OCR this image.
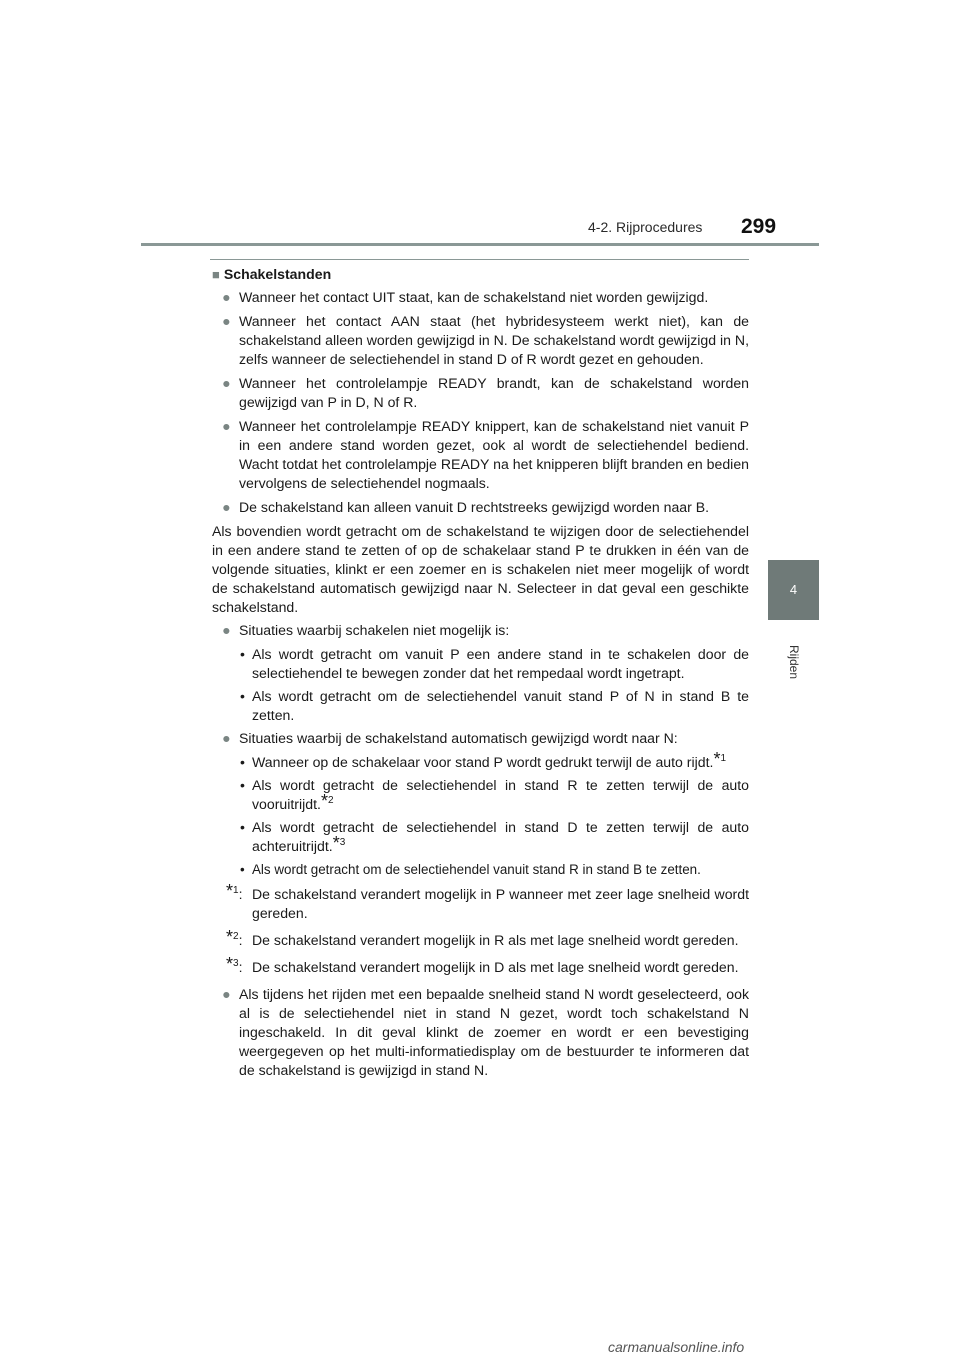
4-2. Rijprocedures 299
4
Rijden
■ Schakelstanden
● Wanneer het contact UIT staat, kan de schakelstand niet worden gewijzigd.
● Wanneer het contact AAN staat (het hybridesysteem werkt niet), kan de schakelstand alleen worden gewijzigd in N. De schakelstand wordt gewijzigd in N, zelfs wanneer de selectiehendel in stand D of R wordt gezet en gehouden.
● Wanneer het controlelampje READY brandt, kan de schakelstand worden gewijzigd van P in D, N of R.
● Wanneer het controlelampje READY knippert, kan de schakelstand niet vanuit P in een andere stand worden gezet, ook al wordt de selectiehendel bediend. Wacht totdat het controlelampje READY na het knipperen blijft branden en bedien vervolgens de selectiehendel nogmaals.
● De schakelstand kan alleen vanuit D rechtstreeks gewijzigd worden naar B.
Als bovendien wordt getracht om de schakelstand te wijzigen door de selectiehendel in een andere stand te zetten of op de schakelaar stand P te drukken in één van de volgende situaties, klinkt er een zoemer en is schakelen niet meer mogelijk of wordt de schakelstand automatisch gewijzigd naar N. Selecteer in dat geval een geschikte schakelstand.
● Situaties waarbij schakelen niet mogelijk is:
• Als wordt getracht om vanuit P een andere stand in te schakelen door de selectiehendel te bewegen zonder dat het rempedaal wordt ingetrapt.
• Als wordt getracht om de selectiehendel vanuit stand P of N in stand B te zetten.
● Situaties waarbij de schakelstand automatisch gewijzigd wordt naar N:
• Wanneer op de schakelaar voor stand P wordt gedrukt terwijl de auto rijdt.*$^1$
• Als wordt getracht de selectiehendel in stand R te zetten terwijl de auto vooruitrijdt.*$^2$
• Als wordt getracht de selectiehendel in stand D te zetten terwijl de auto achteruitrijdt.*$^3$
• Als wordt getracht om de selectiehendel vanuit stand R in stand B te zetten.
*$^1$: De schakelstand verandert mogelijk in P wanneer met zeer lage snelheid wordt gereden.
*$^2$: De schakelstand verandert mogelijk in R als met lage snelheid wordt gereden.
*$^3$: De schakelstand verandert mogelijk in D als met lage snelheid wordt gereden.
● Als tijdens het rijden met een bepaalde snelheid stand N wordt geselecteerd, ook al is de selectiehendel niet in stand N gezet, wordt toch schakelstand N ingeschakeld. In dit geval klinkt de zoemer en wordt er een bevestiging weergegeven op het multi-informatiedisplay om de bestuurder te informeren dat de schakelstand is gewijzigd in stand N.
carmanualsonline.info
